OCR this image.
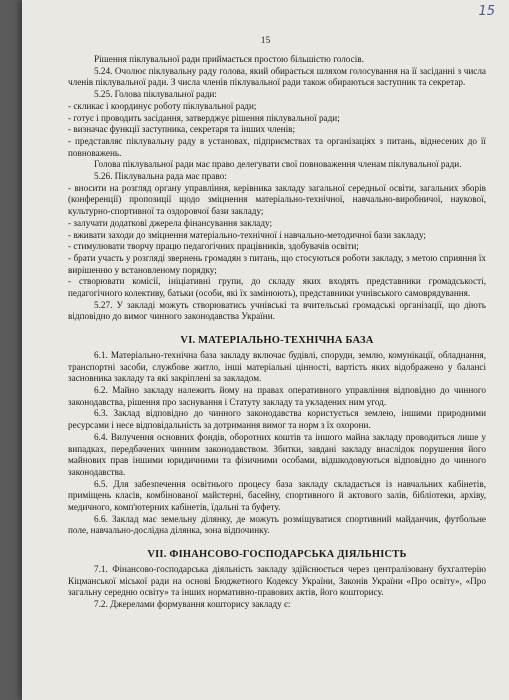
15
15
Рішення піклувальної ради приймається простою більшістю голосів.
5.24. Очолює піклувальну раду голова, який обирається шляхом голосування на її засіданні з числа членів піклувальної ради. З числа членів піклувальної ради також обираються заступник та секретар.
5.25. Голова піклувальної ради:
- скликає і координує роботу піклувальної ради;
- готує і проводить засідання, затверджує рішення піклувальної ради;
- визначає функції заступника, секретаря та інших членів;
- представляє піклувальну раду в установах, підприємствах та організаціях з питань, віднесених до її повноважень.
Голова піклувальної ради має право делегувати свої повноваження членам піклувальної ради.
5.26. Піклувальна рада має право:
- вносити на розгляд органу управління, керівника закладу загальної середньої освіти, загальних зборів (конференції) пропозиції щодо зміцнення матеріально-технічної, навчально-виробничої, наукової, культурно-спортивної та оздоровчої бази закладу;
- залучати додаткові джерела фінансування закладу;
- вживати заходи до зміцнення матеріально-технічної і навчально-методичної бази закладу;
- стимулювати творчу працю педагогічних працівників, здобувачів освіти;
- брати участь у розгляді звернень громадян з питань, що стосуються роботи закладу, з метою сприяння їх вирішенню у встановленому порядку;
- створювати комісії, ініціативні групи, до складу яких входять представники громадськості, педагогічного колективу, батьки (особи, які їх замінюють), представники учнівського самоврядування.
5.27. У закладі можуть створюватись учнівські та вчительські громадські організації, що діють відповідно до вимог чинного законодавства України.
VI. МАТЕРІАЛЬНО-ТЕХНІЧНА БАЗА
6.1. Матеріально-технічна база закладу включає будівлі, споруди, землю, комунікації, обладнання, транспортні засоби, службове житло, інші матеріальні цінності, вартість яких відображено у балансі засновника закладу та які закріплені за закладом.
6.2. Майно закладу належить йому на правах оперативного управління відповідно до чинного законодавства, рішення про заснування і Статуту закладу та укладених ним угод.
6.3. Заклад відповідно до чинного законодавства користується землею, іншими природними ресурсами і несе відповідальність за дотримання вимог та норм з їх охорони.
6.4. Вилучення основних фондів, оборотних коштів та іншого майна закладу проводиться лише у випадках, передбачених чинним законодавством. Збитки, завдані закладу внаслідок порушення його майнових прав іншими юридичними та фізичними особами, відшкодовуються відповідно до чинного законодавства.
6.5. Для забезпечення освітнього процесу база закладу складається із навчальних кабінетів, приміщень класів, комбінованої майстерні, басейну, спортивного й актового залів, бібліотеки, архіву, медичного, комп'ютерних кабінетів, їдальні та буфету.
6.6. Заклад має земельну ділянку, де можуть розміщуватися спортивний майданчик, футбольне поле, навчально-дослідна ділянка, зона відпочинку.
VII. ФІНАНСОВО-ГОСПОДАРСЬКА ДІЯЛЬНІСТЬ
7.1. Фінансово-господарська діяльність закладу здійснюється через централізовану бухгалтерію Кіцманської міської ради на основі Бюджетного Кодексу України, Законів України «Про освіту», «Про загальну середню освіту» та інших нормативно-правових актів, його кошторису.
7.2. Джерелами формування кошторису закладу є:
